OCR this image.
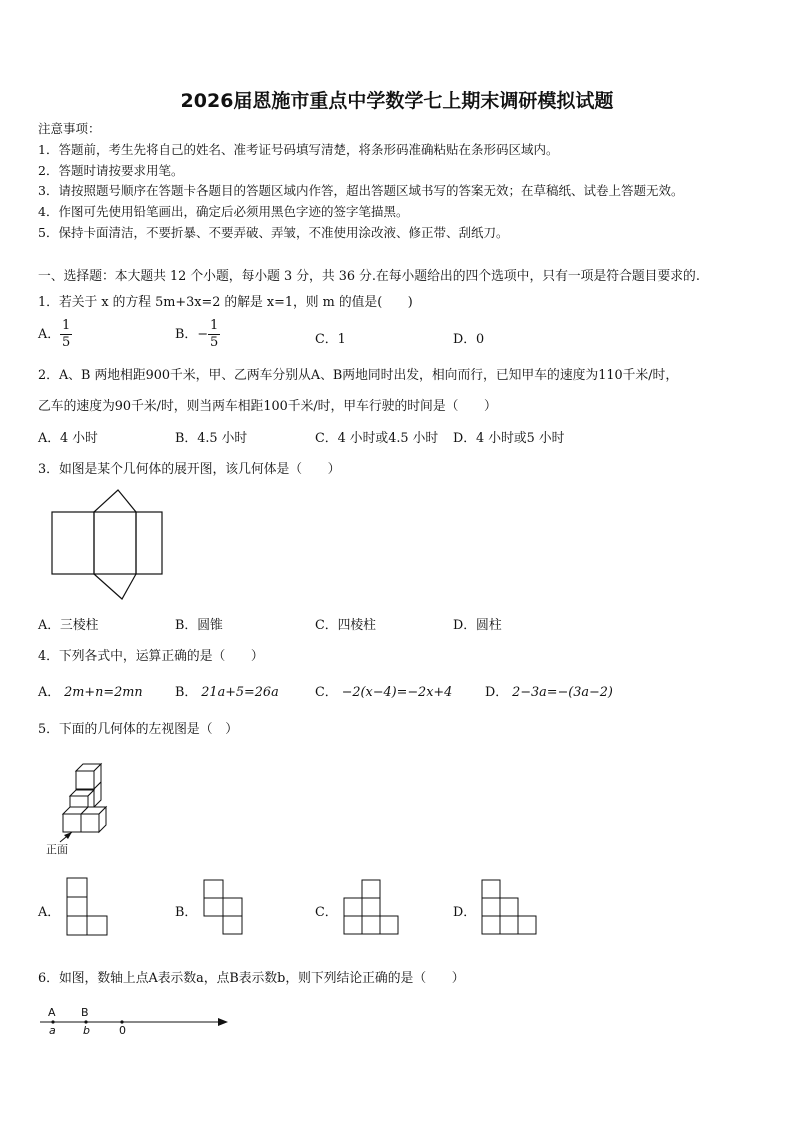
2026届恩施市重点中学数学七上期末调研模拟试题
注意事项：
1．答题前，考生先将自己的姓名、准考证号码填写清楚，将条形码准确粘贴在条形码区域内。
2．答题时请按要求用笔。
3．请按照题号顺序在答题卡各题目的答题区域内作答，超出答题区域书写的答案无效；在草稿纸、试卷上答题无效。
4．作图可先使用铅笔画出，确定后必须用黑色字迹的签字笔描黑。
5．保持卡面清洁，不要折暴、不要弄破、弄皱，不准使用涂改液、修正带、刮纸刀。
一、选择题：本大题共 12 个小题，每小题 3 分，共 36 分.在每小题给出的四个选项中，只有一项是符合题目要求的.
1．若关于 x 的方程 5m+3x=2 的解是 x=1，则 m 的值是(　　)
A． $\frac{1}{5}$	B．− $\frac{1}{5}$	C．1	D．0
2．A、B 两地相距900千米，甲、乙两车分别从A、B两地同时出发，相向而行，已知甲车的速度为110千米/时，
乙车的速度为90千米/时，则当两车相距100千米/时，甲车行驶的时间是（　　）
A．4 小时	B．4.5 小时	C．4 小时或4.5 小时 D．4 小时或5 小时
3．如图是某个几何体的展开图，该几何体是（　　）
A．三棱柱	B．圆锥	C．四棱柱	D．圆柱
4．下列各式中，运算正确的是（　　）
A． 2m+n=2mn	B． 21a+5=26a	C． −2(x−4)=−2x+4	D． 2−3a=−(3a−2)
5．下面的几何体的左视图是（　）
正面
A．	B．	C．	D．
6．如图，数轴上点A表示数a，点B表示数b，则下列结论正确的是（　　）
A B
a b	0
